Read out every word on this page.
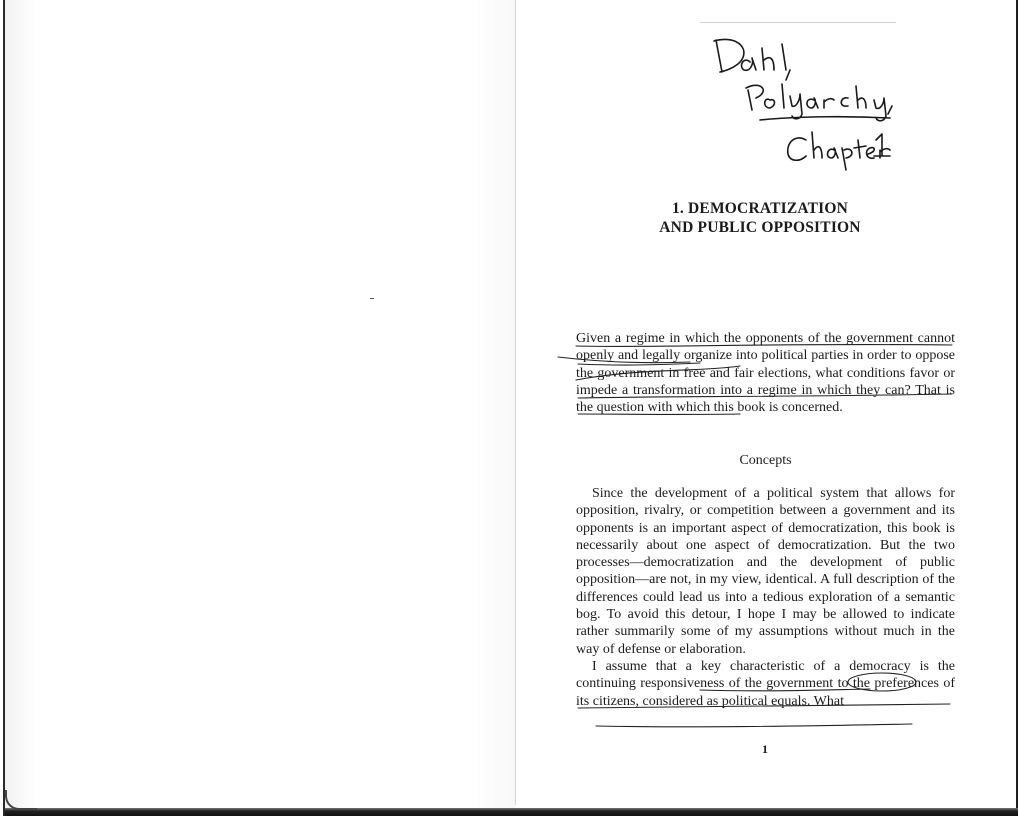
1. DEMOCRATIZATION
AND PUBLIC OPPOSITION

Given a regime in which the opponents of the government cannot openly and legally organize into political parties in order to oppose the government in free and fair elections, what conditions favor or impede a transformation into a regime in which they can? That is the question with which this book is concerned.

Concepts

Since the development of a political system that allows for opposition, rivalry, or competition between a government and its opponents is an important aspect of democratization, this book is necessarily about one aspect of democratization. But the two processes—democratization and the development of public opposition—are not, in my view, identical. A full description of the differences could lead us into a tedious exploration of a semantic bog. To avoid this detour, I hope I may be allowed to indicate rather summarily some of my assumptions without much in the way of defense or elaboration.

I assume that a key characteristic of a democracy is the continuing responsiveness of the government to the preferences of its citizens, considered as political equals. What

1
